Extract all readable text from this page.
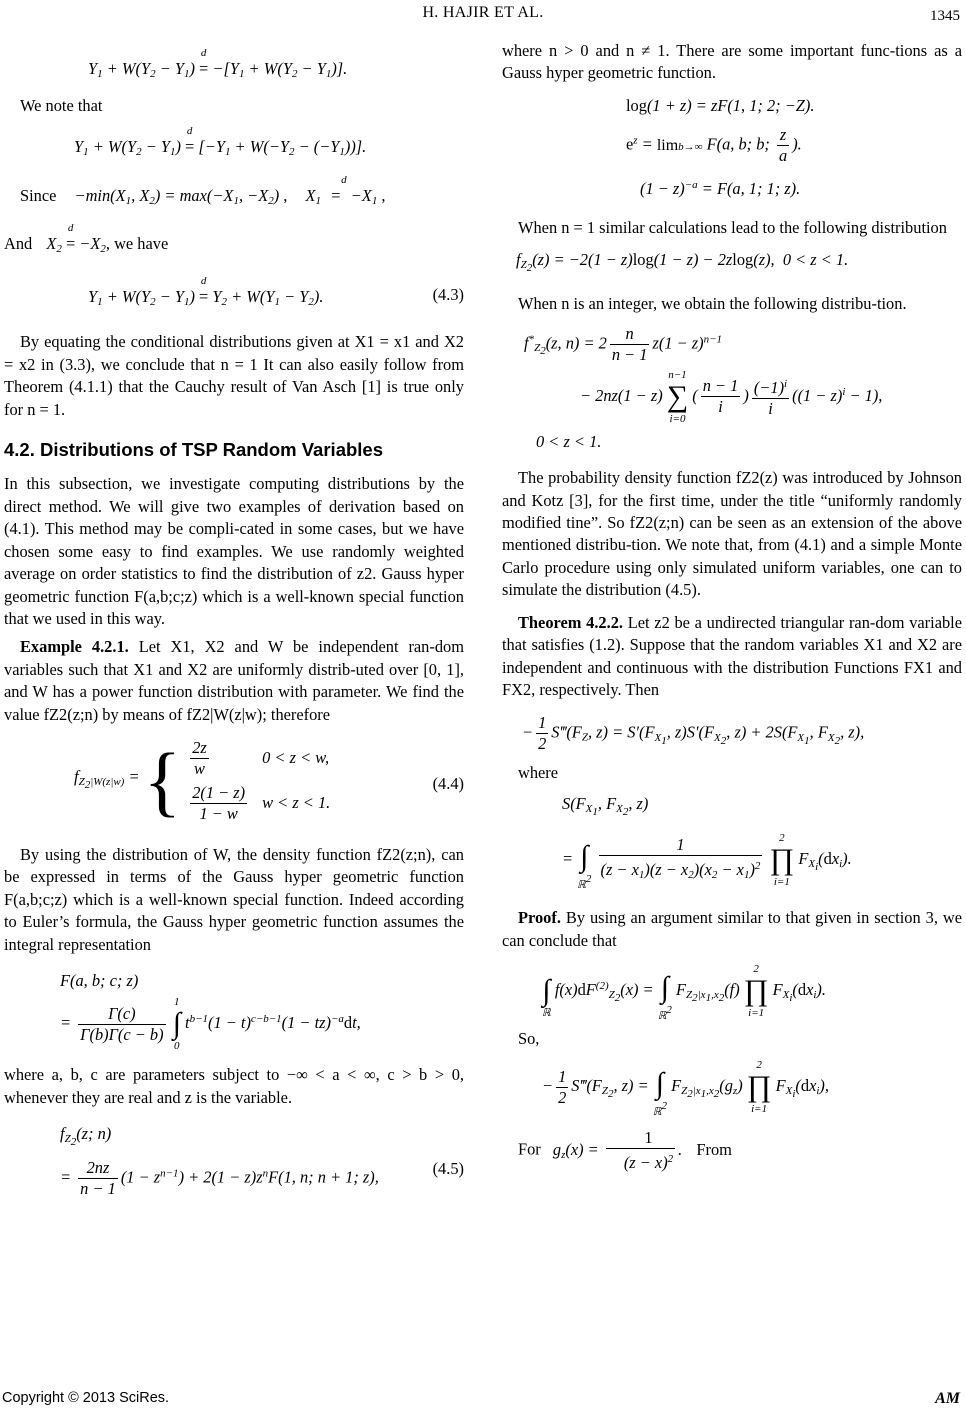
H. HAJIR ET AL.	1345
$Y_1 + W(Y_2 - Y_1)$
d
= $-[Y_1 + W(Y_2 - Y_1)]$.

We note that

$Y_1 + W(Y_2 - Y_1)$
d
= $[-Y_1 + W(-Y_2 - (-Y_1))]$.

Since $-\min(X_1$, $X_2) = \max(-X_1$, $-X_2$) , $X_1$
d
= $-X_1$ ,

And $X_2$
d
= $-X_2$, we have

$Y_1 + W(Y_2 - Y_1)$
d
= $Y_2 + W(Y_1 - Y_2)$.	(4.3)

By equating the conditional distributions given at X1 = x1 and X2 = x2 in (3.3), we conclude that n = 1 It can also easily follow from Theorem (4.1.1) that the Cauchy result of Van Asch [1] is true only for n = 1.

4.2. Distributions of TSP Random Variables

In this subsection, we investigate computing distributions by the direct method. We will give two examples of derivation based on (4.1). This method may be compli-cated in some cases, but we have chosen some easy to find examples. We use randomly weighted average on order statistics to find the distribution of z2. Gauss hyper geometric function F(a,b;c;z) which is a well-known special function that we used in this way.

Example 4.2.1. Let X1, X2 and W be independent ran-dom variables such that X1 and X2 are uniformly distrib-uted over [0, 1], and W has a power function distribution with parameter. We find the value fZ2(z;n) by means of fZ2|W(z|w); therefore

$f_{Z_2|W(z|w)}$ = { $\frac{2z}{w}$	0 < z < w,

$\frac{2(1 - z)}{1 - w}$	w < z < 1.
(4.4)

By using the distribution of W, the density function fZ2(z;n), can be expressed in terms of the Gauss hyper geometric function F(a,b;c;z) which is a well-known special function. Indeed according to Euler’s formula, the Gauss hyper geometric function assumes the integral representation

F(a, b; c; z)
= $\frac{\Gamma(c)}{\Gamma(b)\Gamma(c - b)}$
1
∫
0 $t^{b-1}(1 - t)^{c-b-1}(1 - tz)^{-a}dt$,

where a, b, c are parameters subject to −∞ < a < ∞, c > b > 0, whenever they are real and z is the variable.

$f_{Z_2}(z$; n)
= $\frac{2nz}{n - 1} (1 - z^{n-1}) + 2(1 - z)z^nF(1$, n; n + 1; z),	(4.5)

where n > 0 and n ≠ 1. There are some important func-tions as a Gauss hyper geometric function.

log(1 + z) = zF(1, 1; 2; −Z).
$e^z = \lim b\to\infty$ F(a, b; b; $\frac{z}{a}$ ).
$(1 - z)^{-a} = F(a$, 1; 1; z).

When n = 1 similar calculations lead to the following distribution

$f_{Z_2}(z) = -2(1 - z)\log(1 - z) - 2zlog(z)$,  0 < z < 1.

When n is an integer, we obtain the following distribu-tion.

$f^*_{Z_2}(z$, $n) = 2 \frac{n}{n - 1} z(1 - z)^{n-1}$
− 2nz(1 − z) n−1
∑
i=0 ( $\frac{n - 1}{i}$ ) $\frac{(-1)^i}{i} ((1 - z)^i - 1)$,
0 < z < 1.

The probability density function fZ2(z) was introduced by Johnson and Kotz [3], for the first time, under the title “uniformly randomly modified tine”. So fZ2(z;n) can be seen as an extension of the above mentioned distribu-tion. We note that, from (4.1) and a simple Monte Carlo procedure using only simulated uniform variables, one can to simulate the distribution (4.5).

Theorem 4.2.2. Let z2 be a undirected triangular ran-dom variable that satisfies (1.2). Suppose that the random variables X1 and X2 are independent and continuous with the distribution Functions FX1 and FX2, respectively. Then

− $\frac{1}{2}$ $S‴(F_Z$, $z) = S'(F_{X_1}$, $z)S'(F_{X_2}$, $z) + 2S(F_{X_1}$, $F_{X_2}$, z),

where

$S(F_{X_1}$, $F_{X_2}$, z)
= ∫
ℝ$^2$ $\frac{1}{(z - x_1)(z - x_2)(x_2 - x_1)^2} 2$
∏
i=1 $F_{X_i}(dx_i)$.

Proof. By using an argument similar to that given in section 3, we can conclude that

∫
ℝ $f(x)dF^{(2)}_{Z_2}(x)$ = ∫
ℝ$^2$ $F_{Z_2|x_1,x_2}(f)$ 2
∏
i=1 $F_{X_i}(dx_i)$.

So,

− $\frac{1}{2}$ $S‴(F_{Z_2}$, z) = ∫
ℝ$^2$ $F_{Z_2|x_1,x_2}(g_z)$ 2
∏
i=1 $F_{X_i}(dx_i)$,

For $g_z(x) = \frac{1}{(z - x)^2}$ . From

Copyright © 2013 SciRes.	AM
